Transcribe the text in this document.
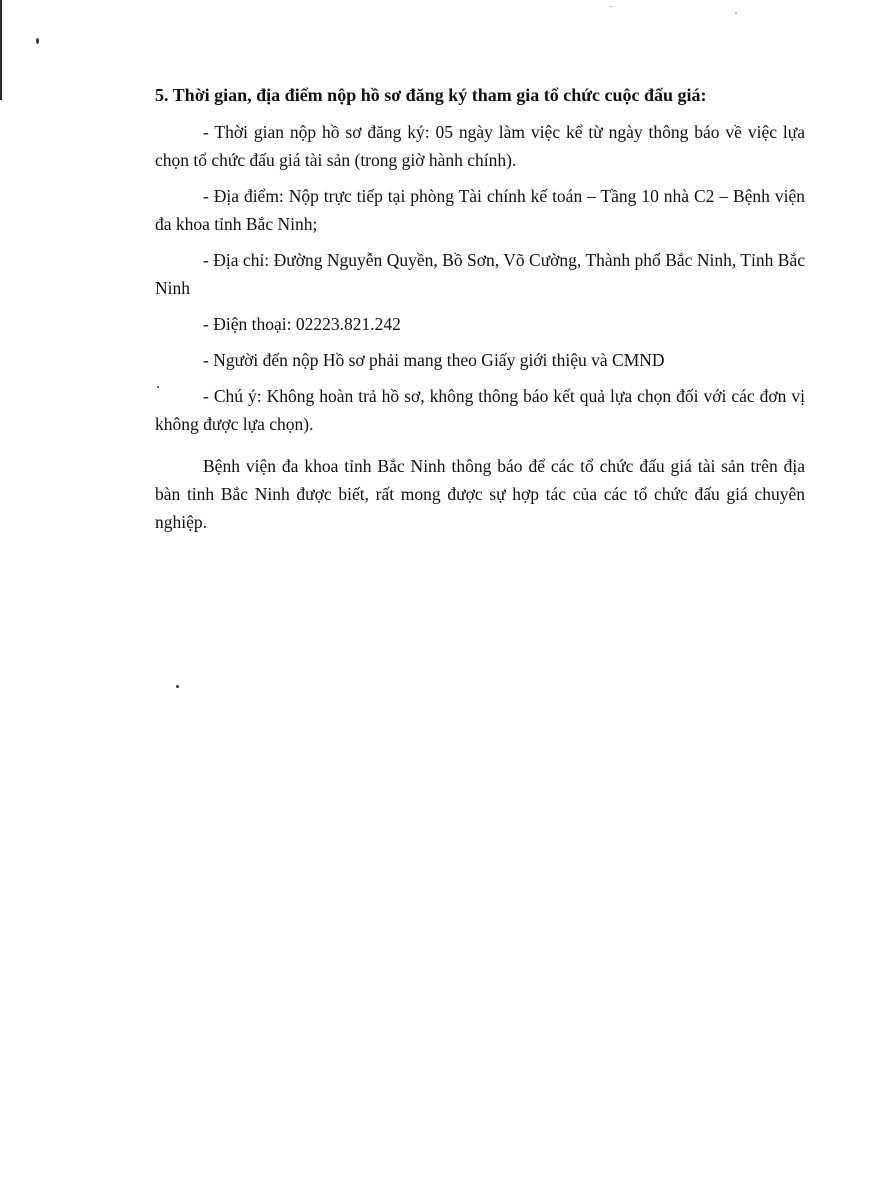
5. Thời gian, địa điểm nộp hồ sơ đăng ký tham gia tổ chức cuộc đấu giá:

- Thời gian nộp hồ sơ đăng ký: 05 ngày làm việc kể từ ngày thông báo về việc lựa chọn tổ chức đấu giá tài sản (trong giờ hành chính).

- Địa điểm: Nộp trực tiếp tại phòng Tài chính kế toán – Tầng 10 nhà C2 – Bệnh viện đa khoa tỉnh Bắc Ninh;

- Địa chỉ: Đường Nguyễn Quyền, Bồ Sơn, Võ Cường, Thành phố Bắc Ninh, Tỉnh Bắc Ninh

- Điện thoại: 02223.821.242

- Người đến nộp Hồ sơ phải mang theo Giấy giới thiệu và CMND

- Chú ý: Không hoàn trả hồ sơ, không thông báo kết quả lựa chọn đối với các đơn vị không được lựa chọn).

Bệnh viện đa khoa tỉnh Bắc Ninh thông báo để các tổ chức đấu giá tài sản trên địa bàn tỉnh Bắc Ninh được biết, rất mong được sự hợp tác của các tổ chức đấu giá chuyên nghiệp.
